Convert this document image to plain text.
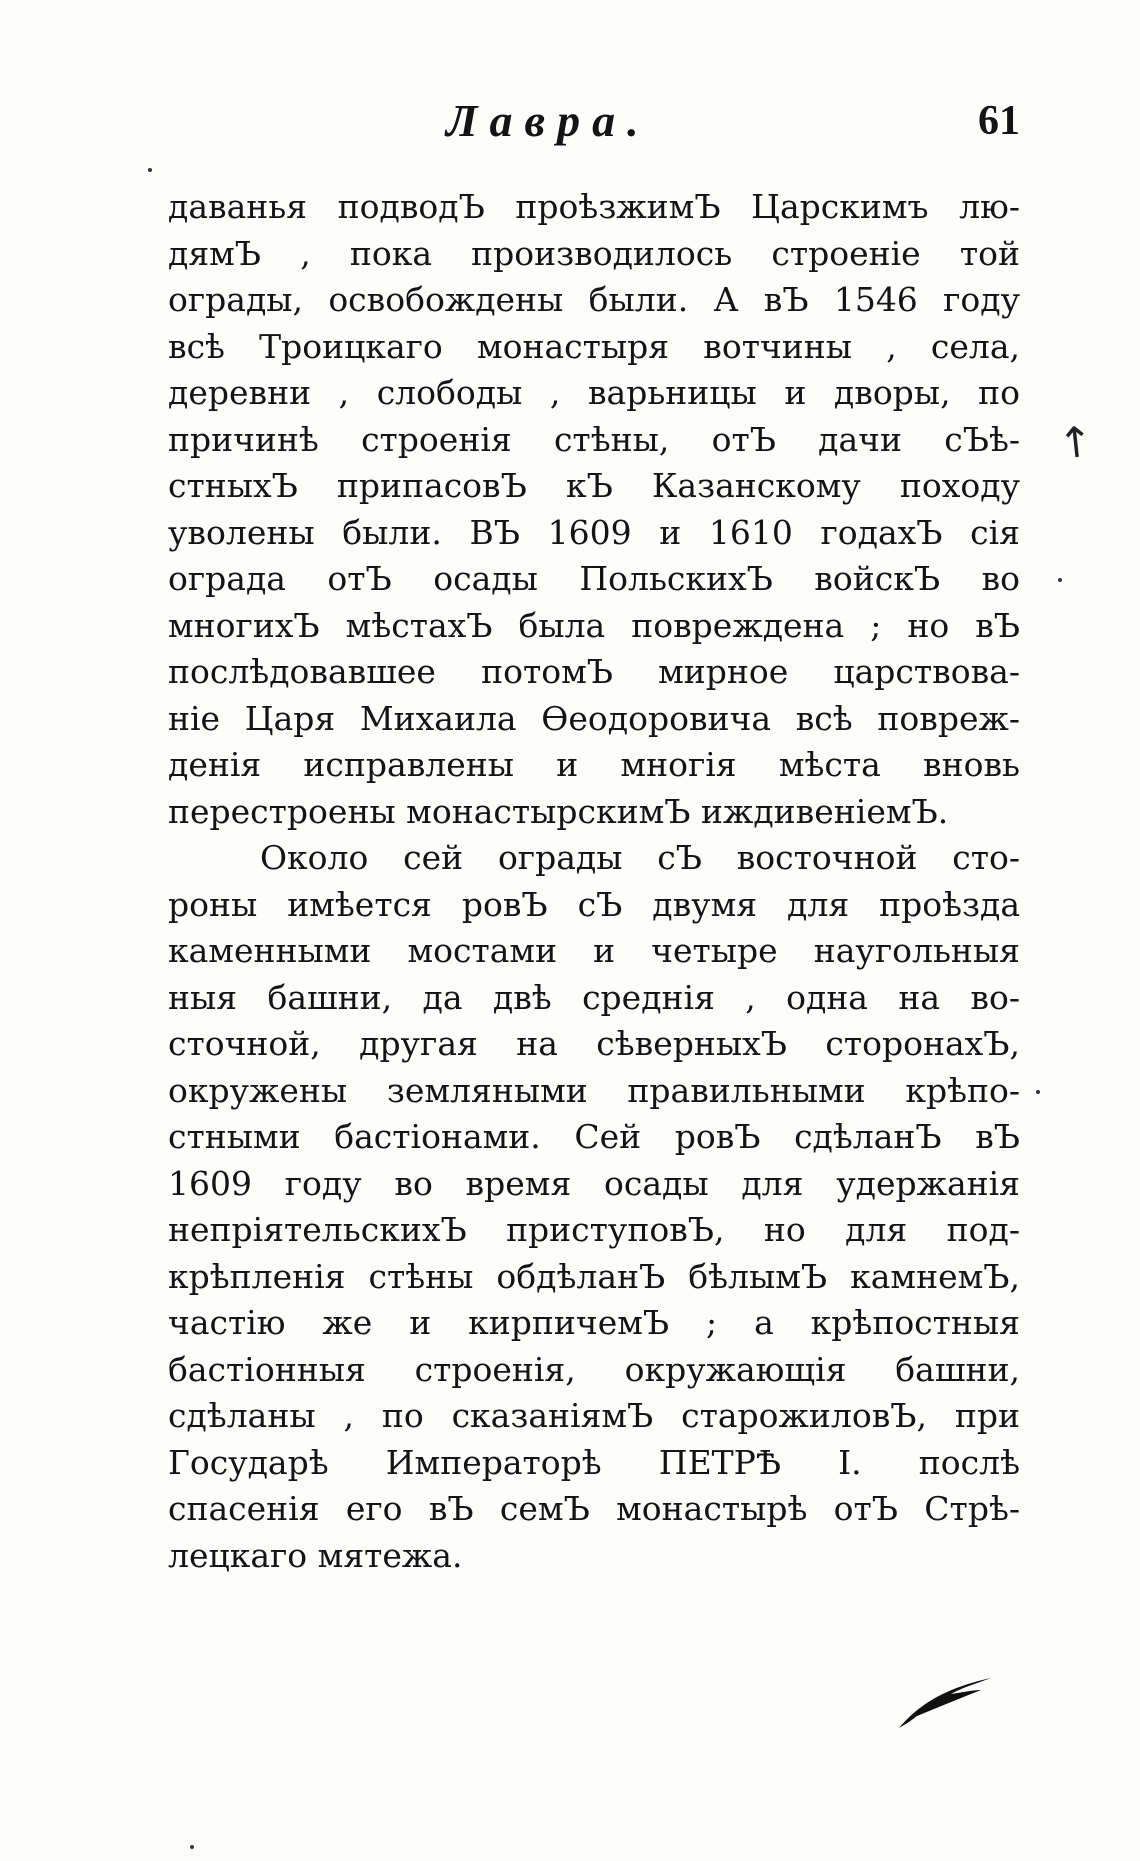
Лавра.	61
даванья подводЪ проѣзжимЪ Царскимъ лю-
дямЪ , пока производилось строеніе той
ограды, освобождены были. А вЪ 1546 году
всѣ Троицкаго монастыря вотчины , села,
деревни , слободы , варьницы и дворы, по
причинѣ строенія стѣны, отЪ дачи сЪѣ-
стныхЪ припасовЪ кЪ Казанскому походу
уволены были. ВЪ 1609 и 1610 годахЪ сія
ограда отЪ осады ПольскихЪ войскЪ во
многихЪ мѣстахЪ была повреждена ; но вЪ
послѣдовавшее потомЪ мирное царствова-
ніе Царя Михаила Ѳеодоровича всѣ повреж-
денія исправлены и многія мѣста вновь
перестроены монастырскимЪ иждивеніемЪ.
Около сей ограды сЪ восточной сто-
роны имѣется ровЪ сЪ двумя для проѣзда
каменными мостами и четыре наугольныя
ныя башни, да двѣ среднія , одна на во-
сточной, другая на сѣверныхЪ сторонахЪ,
окружены земляными правильными крѣпо-
стными бастіонами. Сей ровЪ сдѣланЪ вЪ
1609 году во время осады для удержанія
непріятельскихЪ приступовЪ, но для под-
крѣпленія стѣны обдѣланЪ бѣлымЪ камнемЪ,
частію же и кирпичемЪ ; а крѣпостныя
бастіонныя строенія, окружающія башни,
сдѣланы , по сказаніямЪ старожиловЪ, при
Государѣ Императорѣ ПЕТРѢ I. послѣ
спасенія его вЪ семЪ монастырѣ отЪ Стрѣ-
лецкаго мятежа.
↑
